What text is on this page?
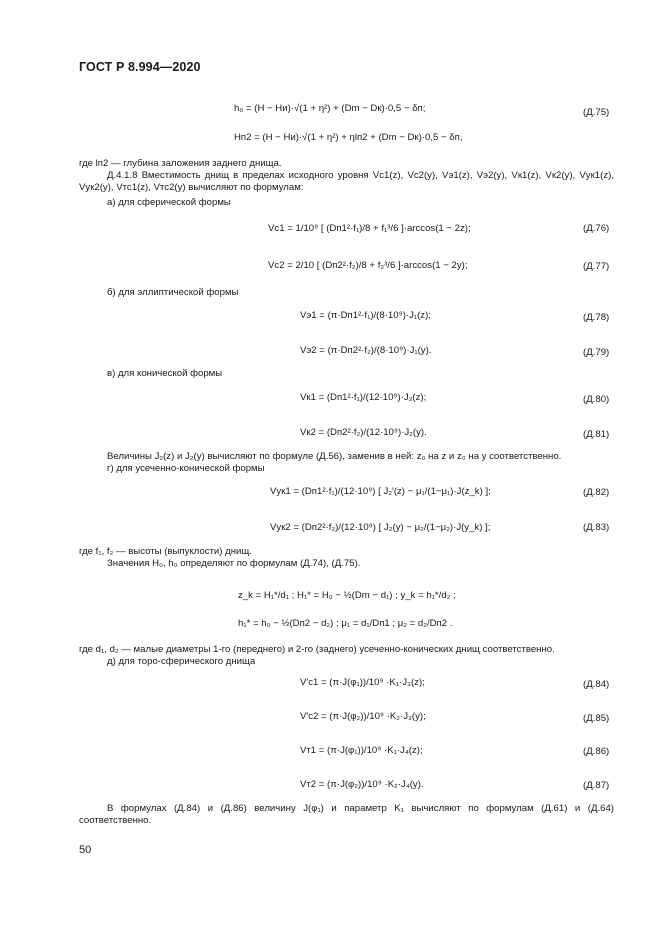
ГОСТ Р 8.994—2020
h₀ = (H − Hи)·√(1 + η²) + (Dm − Dк)·0,5 − δп;
Hп2 = (H − Hи)·√(1 + η²) + ηlп2 + (Dm − Dк)·0,5 − δп,
(Д.75)
где lп2 — глубина заложения заднего днища.
Д.4.1.8 Вместимость днищ в пределах исходного уровня Vс1(z), Vс2(y), Vэ1(z), Vэ2(y), Vк1(z), Vк2(y), Vук1(z), Vук2(y), Vтс1(z), Vтс2(y) вычисляют по формулам:
а) для сферической формы
Vс1 = 1/10⁹ [ (Dп1²·f₁)/8 + f₁³/6 ]·arccos(1 − 2z);	(Д.76)
Vс2 = 2/10 [ (Dп2²·f₂)/8 + f₂³/6 ]·arccos(1 − 2y);	(Д.77)
б) для эллиптической формы
Vэ1 = (π·Dп1²·f₁)/(8·10⁹)·J₁(z);	(Д.78)
Vэ2 = (π·Dп2²·f₂)/(8·10⁹)·J₁(y).	(Д.79)
в) для конической формы
Vк1 = (Dп1²·f₁)/(12·10⁹)·J₂(z);	(Д.80)
Vк2 = (Dп2²·f₂)/(12·10⁹)·J₂(y).	(Д.81)
Величины J₂(z) и J₂(y) вычисляют по формуле (Д.56), заменив в ней: z₀ на z и z₀ на y соответственно.
г) для усеченно-конической формы
Vук1 = (Dп1²·f₁)/(12·10⁹) [ J₂′(z) − μ₁/(1−μ₁)·J(z_k) ];	(Д.82)
Vук2 = (Dп2²·f₂)/(12·10⁹) [ J₂(y) − μ₂/(1−μ₂)·J(y_k) ];	(Д.83)
где f₁, f₂ — высоты (выпуклости) днищ.
Значения H₀, h₀ определяют по формулам (Д.74), (Д.75).
z_k = H₁*/d₁ ; H₁* = H₀ − ½(Dm − d₁) ; y_k = h₁*/d₂ ;
h₁* = h₀ − ½(Dп2 − d₂) ; μ₁ = d₁/Dп1 ; μ₂ = d₂/Dп2 .
где d₁, d₂ — малые диаметры 1-го (переднего) и 2-го (заднего) усеченно-конических днищ соответственно.
д) для торо-сферического днища
V′с1 = (π·J(φ₁))/10⁹ ·K₁·J₃(z);	(Д.84)
V′с2 = (π·J(φ₂))/10⁹ ·K₂·J₃(y);	(Д.85)
Vт1 = (π·J(φ₁))/10⁹ ·K₁·J₄(z);	(Д.86)
Vт2 = (π·J(φ₂))/10⁹ ·K₂·J₄(y).	(Д.87)
В формулах (Д.84) и (Д.86) величину J(φ₁) и параметр K₁ вычисляют по формулам (Д.61) и (Д.64) соответственно.
50
